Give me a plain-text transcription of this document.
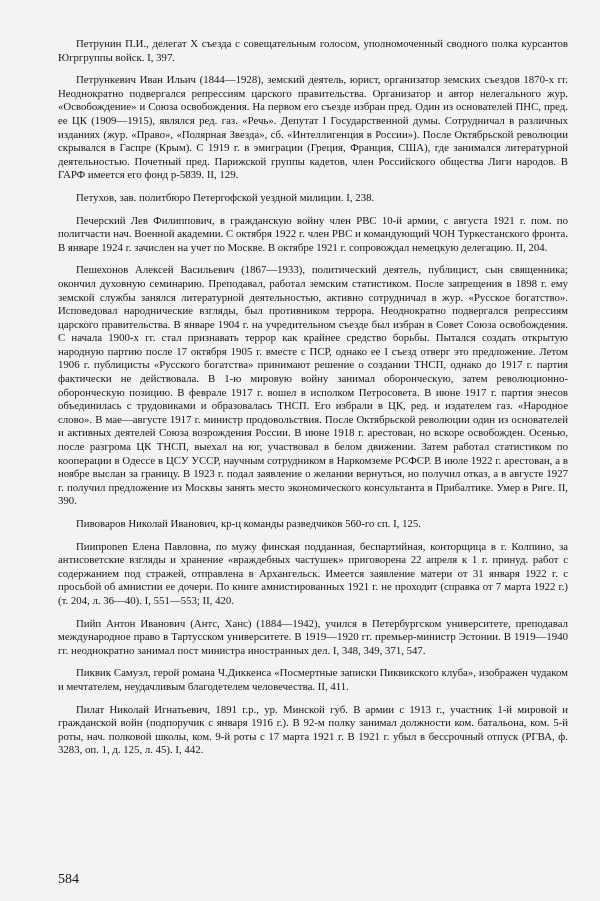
Петрунин П.И., делегат X съезда с совещательным голосом, уполномоченный сводного полка курсантов Югргруппы войск. I, 397.

Петрункевич Иван Ильич (1844—1928), земский деятель, юрист, организатор земских съездов 1870-х гг. Неоднократно подвергался репрессиям царского правительства. Организатор и автор нелегального жур. «Освобождение» и Союза освобождения. На первом его съезде избран пред. Один из основателей ПНС, пред. ее ЦК (1909—1915), являлся ред. газ. «Речь». Депутат I Государственной думы. Сотрудничал в различных изданиях (жур. «Право», «Полярная Звезда», сб. «Интеллигенция в России»). После Октябрьской революции скрывался в Гаспре (Крым). С 1919 г. в эмиграции (Греция, Франция, США), где занимался литературной деятельностью. Почетный пред. Парижской группы кадетов, член Российского общества Лиги народов. В ГАРФ имеется его фонд р-5839. II, 129.

Петухов, зав. политбюро Петергофской уездной милиции. I, 238.

Печерский Лев Филиппович, в гражданскую войну член РВС 10-й армии, с августа 1921 г. пом. по политчасти нач. Военной академии. С октября 1922 г. член РВС и командующий ЧОН Туркестанского фронта. В январе 1924 г. зачислен на учет по Москве. В октябре 1921 г. сопровождал немецкую делегацию. II, 204.

Пешехонов Алексей Васильевич (1867—1933), политический деятель, публицист, сын священника; окончил духовную семинарию. Преподавал, работал земским статистиком. После запрещения в 1898 г. ему земской службы занялся литературной деятельностью, активно сотрудничал в жур. «Русское богатство». Исповедовал народнические взгляды, был противником террора. Неоднократно подвергался репрессиям царского правительства. В январе 1904 г. на учредительном съезде был избран в Совет Союза освобождения. С начала 1900-х гг. стал признавать террор как крайнее средство борьбы. Пытался создать открытую народную партию после 17 октября 1905 г. вместе с ПСР, однако ее I съезд отверг это предложение. Летом 1906 г. публицисты «Русского богатства» принимают решение о создании ТНСП, однако до 1917 г. партия фактически не действовала. В 1-ю мировую войну занимал оборонческую, затем революционно-оборонческую позицию. В феврале 1917 г. вошел в исполком Петросовета. В июне 1917 г. партия энесов объединилась с трудовиками и образовалась ТНСП. Его избрали в ЦК, ред. и издателем газ. «Народное слово». В мае—августе 1917 г. министр продовольствия. После Октябрьской революции один из основателей и активных деятелей Союза возрождения России. В июне 1918 г. арестован, но вскоре освобожден. Осенью, после разгрома ЦК ТНСП, выехал на юг, участвовал в белом движении. Затем работал статистиком по кооперации в Одессе в ЦСУ УССР, научным сотрудником в Наркомземе РСФСР. В июле 1922 г. арестован, а в ноябре выслан за границу. В 1923 г. подал заявление о желании вернуться, но получил отказ, а в августе 1927 г. получил предложение из Москвы занять место экономического консультанта в Прибалтике. Умер в Риге. II, 390.

Пивоваров Николай Иванович, кр-ц команды разведчиков 560-го сп. I, 125.

Пиипponen Елена Павловна, по мужу финская подданная, беспартийная, конторщица в г. Колпино, за антисоветские взгляды и хранение «враждебных частушек» приговорена 22 апреля к 1 г. принуд. работ с содержанием под стражей, отправлена в Архангельск. Имеется заявление матери от 31 января 1922 г. с просьбой об амнистии ее дочери. По книге амнистированных 1921 г. не проходит (справка от 7 марта 1922 г.) (т. 204, л. 36—40). I, 551—553; II, 420.

Пийп Антон Иванович (Антс, Ханс) (1884—1942), учился в Петербургском университете, преподавал международное право в Тартусском университете. В 1919—1920 гг. премьер-министр Эстонии. В 1919—1940 гг. неоднократно занимал пост министра иностранных дел. I, 348, 349, 371, 547.

Пиквик Самуэл, герой романа Ч.Диккенса «Посмертные записки Пиквикского клуба», изображен чудаком и мечтателем, неудачливым благодетелем человечества. II, 411.

Пилат Николай Игнатьевич, 1891 г.р., ур. Минской губ. В армии с 1913 г., участник 1-й мировой и гражданской войн (подпоручик с января 1916 г.). В 92-м полку занимал должности ком. батальона, ком. 5-й роты, нач. полковой школы, ком. 9-й роты с 17 марта 1921 г. В 1921 г. убыл в бессрочный отпуск (РГВА, ф. 3283, оп. 1, д. 125, л. 45). I, 442.

584
